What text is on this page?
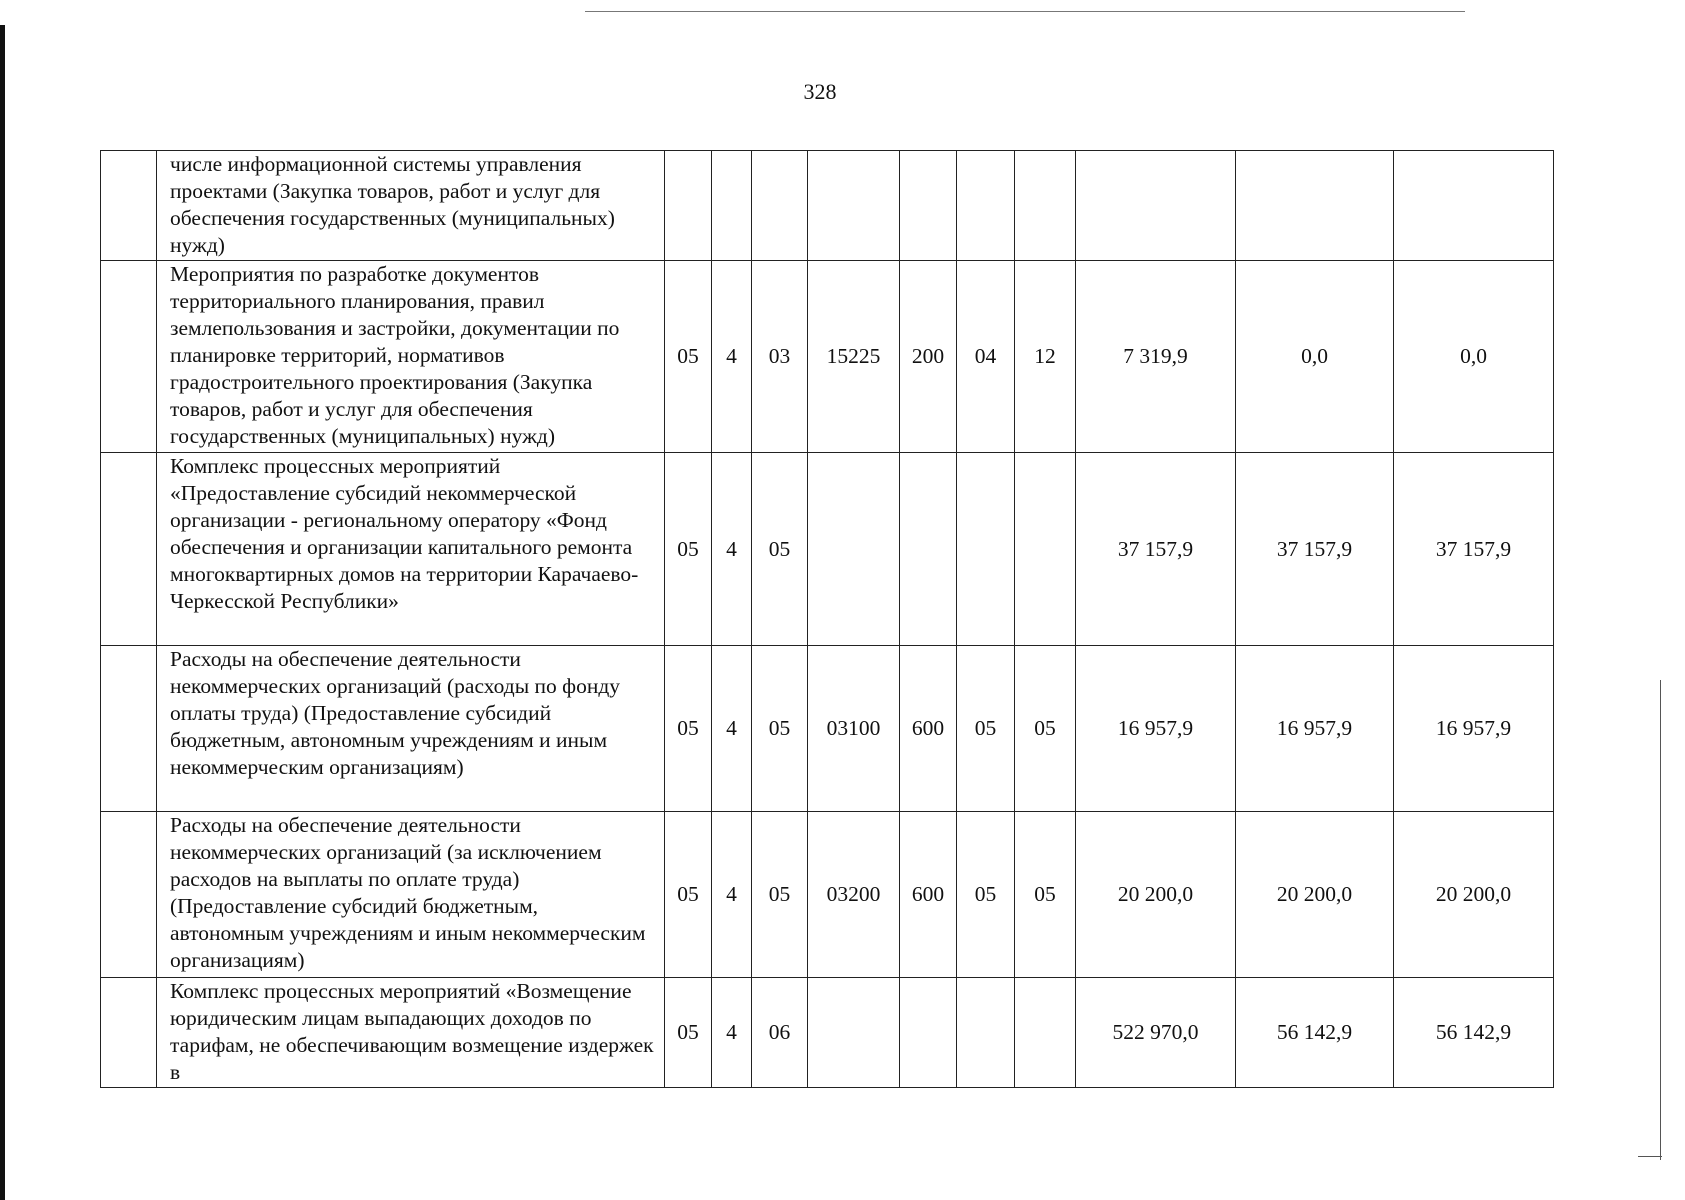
328
	числе информационной системы управления проектами (Закупка товаров, работ и услуг для обеспечения государственных (муниципальных) нужд)										
	Мероприятия по разработке документов территориального планирования, правил землепользования и застройки, документации по планировке территорий, нормативов градостроительного проектирования (Закупка товаров, работ и услуг для обеспечения государственных (муниципальных) нужд)	05	4	03	15225	200	04	12	7 319,9	0,0	0,0
	Комплекс процессных мероприятий «Предоставление субсидий некоммерческой организации - региональному оператору «Фонд обеспечения и организации капитального ремонта многоквартирных домов на территории Карачаево-Черкесской Республики»	05	4	05					37 157,9	37 157,9	37 157,9
	Расходы на обеспечение деятельности некоммерческих организаций (расходы по фонду оплаты труда) (Предоставление субсидий бюджетным, автономным учреждениям и иным некоммерческим организациям)	05	4	05	03100	600	05	05	16 957,9	16 957,9	16 957,9
	Расходы на обеспечение деятельности некоммерческих организаций (за исключением расходов на выплаты по оплате труда) (Предоставление субсидий бюджетным, автономным учреждениям и иным некоммерческим организациям)	05	4	05	03200	600	05	05	20 200,0	20 200,0	20 200,0
	Комплекс процессных мероприятий «Возмещение юридическим лицам выпадающих доходов по тарифам, не обеспечивающим возмещение издержек в	05	4	06					522 970,0	56 142,9	56 142,9
